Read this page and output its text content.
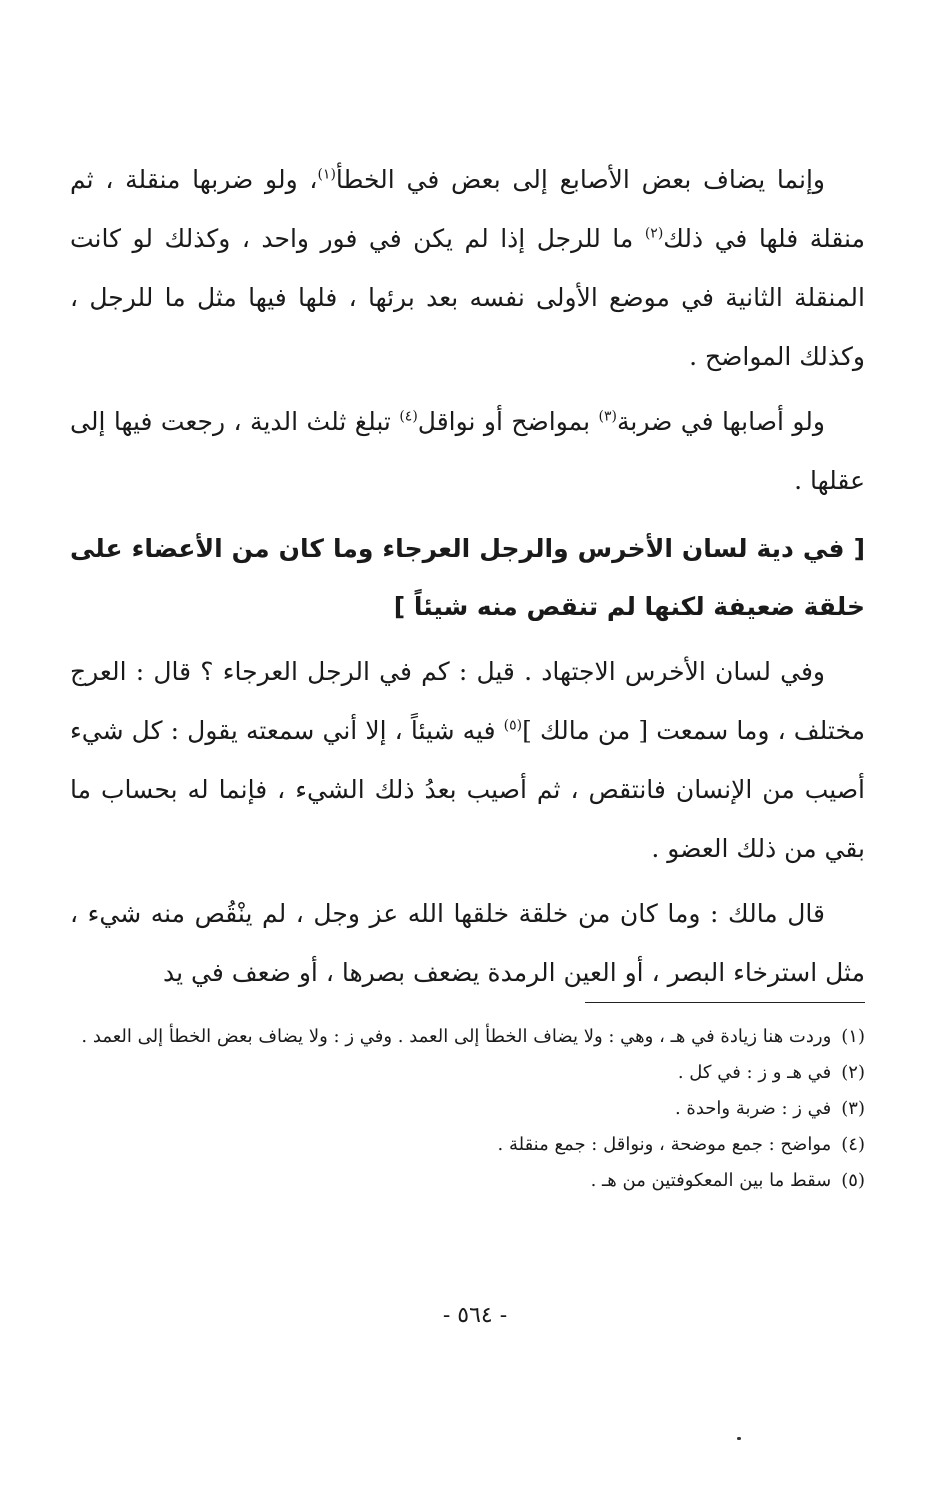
وإنما يضاف بعض الأصابع إلى بعض في الخطأ$^{(١)}$، ولو ضربها منقلة ، ثم منقلة فلها في ذلك$^{(٢)}$ ما للرجل إذا لم يكن في فور واحد ، وكذلك لو كانت المنقلة الثانية في موضع الأولى نفسه بعد برئها ، فلها فيها مثل ما للرجل ، وكذلك المواضح .

ولو أصابها في ضربة$^{(٣)}$ بمواضح أو نواقل$^{(٤)}$ تبلغ ثلث الدية ، رجعت فيها إلى عقلها .

[ في دية لسان الأخرس والرجل العرجاء وما كان من الأعضاء على خلقة ضعيفة لكنها لم تنقص منه شيئاً ]

وفي لسان الأخرس الاجتهاد . قيل : كم في الرجل العرجاء ؟ قال : العرج مختلف ، وما سمعت [ من مالك ]$^{(٥)}$ فيه شيئاً ، إلا أني سمعته يقول : كل شيء أصيب من الإنسان فانتقص ، ثم أصيب بعدُ ذلك الشيء ، فإنما له بحساب ما بقي من ذلك العضو .

قال مالك : وما كان من خلقة خلقها الله عز وجل ، لم ينْقُص منه شيء ، مثل استرخاء البصر ، أو العين الرمدة يضعف بصرها ، أو ضعف في يد

(١)وردت هنا زيادة في هـ ، وهي : ولا يضاف الخطأ إلى العمد . وفي ز : ولا يضاف بعض الخطأ إلى العمد .

(٢)في هـ و ز : في كل .

(٣)في ز : ضربة واحدة .

(٤)مواضح : جمع موضحة ، ونواقل : جمع منقلة .

(٥)سقط ما بين المعكوفتين من هـ .

- ٥٦٤ -
